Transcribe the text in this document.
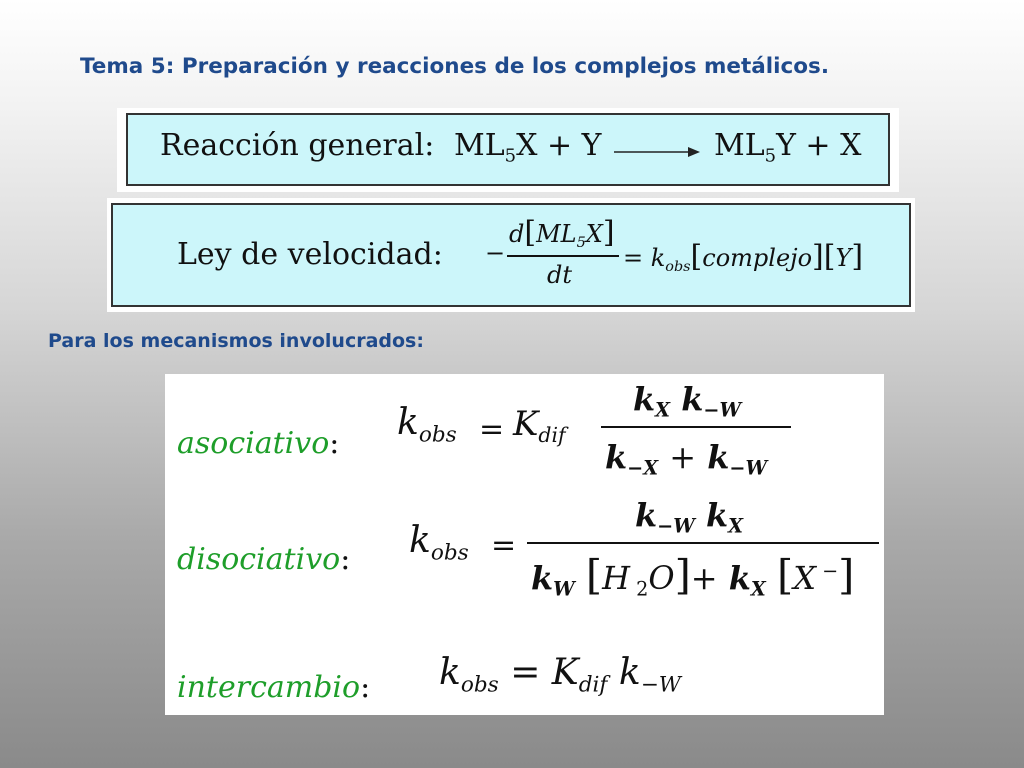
Tema 5: Preparación y reacciones de los complejos metálicos.
Reacción general: $ML_5X + Y$	$ML_5Y + X$
Ley de velocidad: −
$d[ML_5X]$
dt
= $k_{obs}[complejo][Y]$
Para los mecanismos involucrados:
asociativo:
$k_{obs} = K_{dif}$
$k_X$ $k_{-W}$
$k_{-X} + k_{-W}$
disociativo: $k_{obs}$ =
$k_{-W}$ $k_X$
$k_W$ [H $_2O]+ k_X$ [X −]
intercambio: $k_{obs} = K_{dif}$ $k_{-W}$
